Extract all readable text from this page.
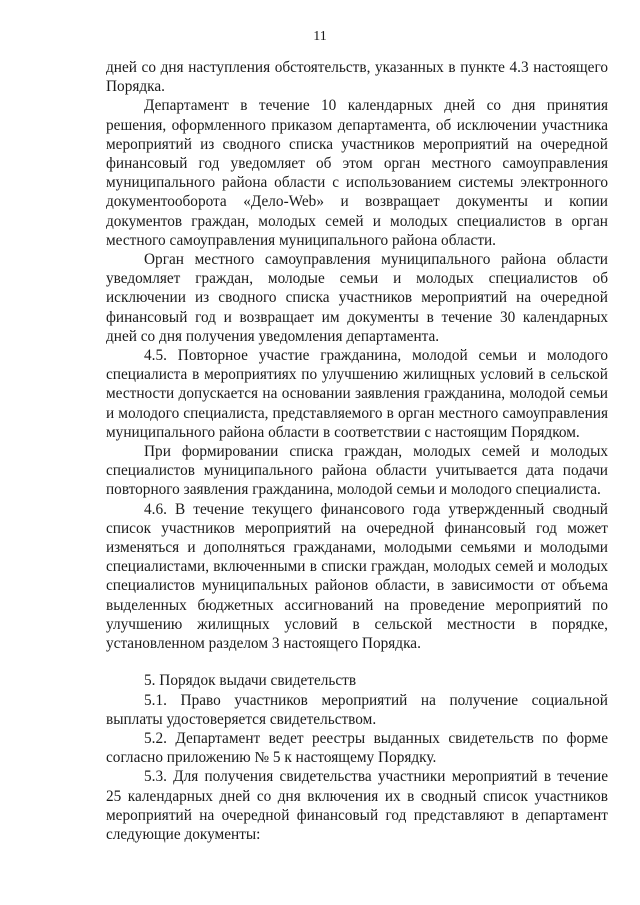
11

дней со дня наступления обстоятельств, указанных в пункте 4.3 настоящего Порядка.

Департамент в течение 10 календарных дней со дня принятия решения, оформленного приказом департамента, об исключении участника мероприятий из сводного списка участников мероприятий на очередной финансовый год уведомляет об этом орган местного самоуправления муниципального района области с использованием системы электронного документооборота «Дело-Web» и возвращает документы и копии документов граждан, молодых семей и молодых специалистов в орган местного самоуправления муниципального района области.

Орган местного самоуправления муниципального района области уведомляет граждан, молодые семьи и молодых специалистов об исключении из сводного списка участников мероприятий на очередной финансовый год и возвращает им документы в течение 30 календарных дней со дня получения уведомления департамента.

4.5. Повторное участие гражданина, молодой семьи и молодого специалиста в мероприятиях по улучшению жилищных условий в сельской местности допускается на основании заявления гражданина, молодой семьи и молодого специалиста, представляемого в орган местного самоуправления муниципального района области в соответствии с настоящим Порядком.

При формировании списка граждан, молодых семей и молодых специалистов муниципального района области учитывается дата подачи повторного заявления гражданина, молодой семьи и молодого специалиста.

4.6. В течение текущего финансового года утвержденный сводный список участников мероприятий на очередной финансовый год может изменяться и дополняться гражданами, молодыми семьями и молодыми специалистами, включенными в списки граждан, молодых семей и молодых специалистов муниципальных районов области, в зависимости от объема выделенных бюджетных ассигнований на проведение мероприятий по улучшению жилищных условий в сельской местности в порядке, установленном разделом 3 настоящего Порядка.

5. Порядок выдачи свидетельств

5.1. Право участников мероприятий на получение социальной выплаты удостоверяется свидетельством.

5.2. Департамент ведет реестры выданных свидетельств по форме согласно приложению № 5 к настоящему Порядку.

5.3. Для получения свидетельства участники мероприятий в течение 25 календарных дней со дня включения их в сводный список участников мероприятий на очередной финансовый год представляют в департамент следующие документы:
